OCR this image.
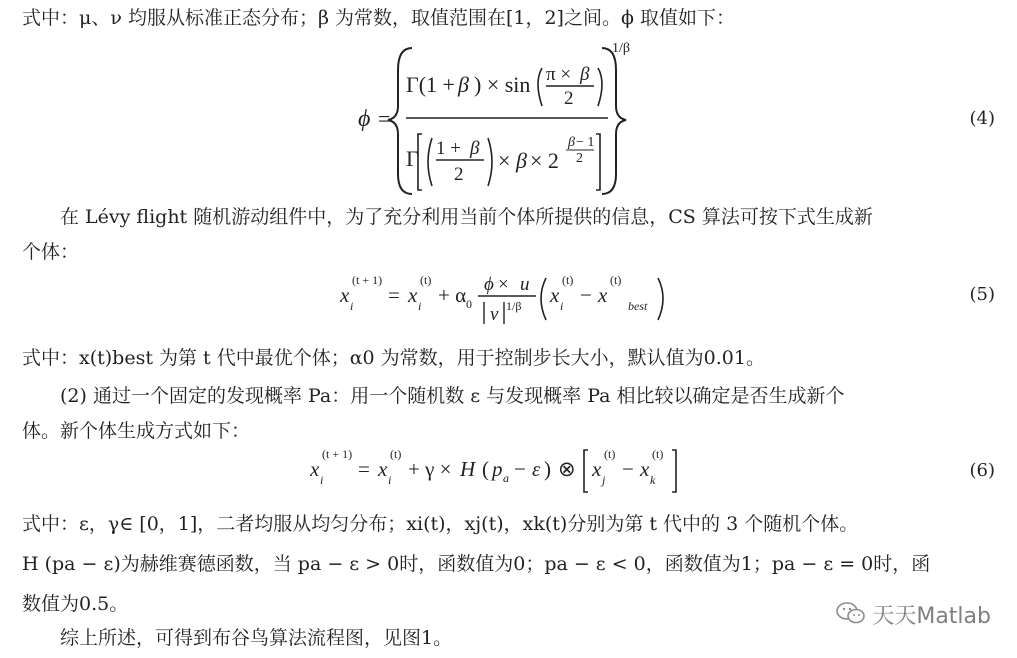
式中：μ、ν 均服从标准正态分布；β 为常数，取值范围在[1，2]之间。ϕ 取值如下：
ϕ =
1/β
Γ(1 + β ) × sin π × β
2
Γ 1 + β
2
× β × 2
β − 1
2
(4)
在 Lévy flight 随机游动组件中，为了充分利用当前个体所提供的信息，CS 算法可按下式生成新
个体：
x i
(t + 1)
= x i
(t)
+ α 0
ϕ × u
ν 1/β x i
(t)
− x
(t)
best
(5)
式中：x(t)best 为第 t 代中最优个体；α0 为常数，用于控制步长大小，默认值为0.01。
(2) 通过一个固定的发现概率 Pa：用一个随机数 ε 与发现概率 Pa 相比较以确定是否生成新个
体。新个体生成方式如下：
x i
(t + 1)
= x i
(t)
+ γ × H ( p a − ε ) ⊗ x j
(t)
− x k
(t)
(6)
式中：ε，γ∈ [0，1]，二者均服从均匀分布；xi(t)，xj(t)，xk(t)分别为第 t 代中的 3 个随机个体。
H (pa − ε)为赫维赛德函数，当 pa − ε > 0时，函数值为0；pa − ε < 0，函数值为1；pa − ε = 0时，函
数值为0.5。
综上所述，可得到布谷鸟算法流程图，见图1。
天天Matlab
